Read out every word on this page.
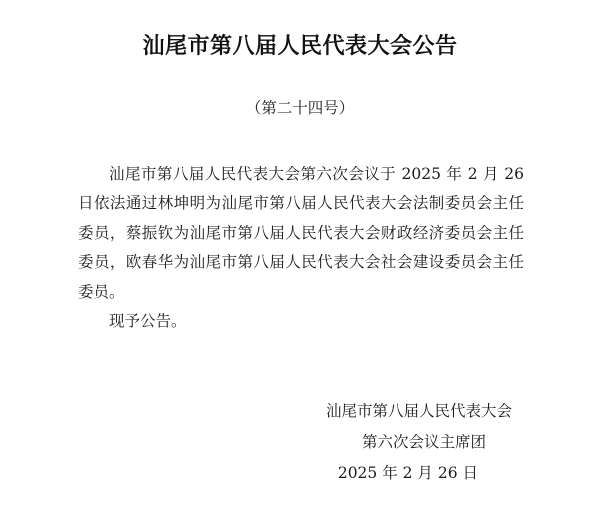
汕尾市第八届人民代表大会公告
（第二十四号）

汕尾市第八届人民代表大会第六次会议于 2025 年 2 月 26 日依法通过林坤明为汕尾市第八届人民代表大会法制委员会主任委员，蔡振钦为汕尾市第八届人民代表大会财政经济委员会主任委员，欧春华为汕尾市第八届人民代表大会社会建设委员会主任委员。

现予公告。
汕尾市第八届人民代表大会
第六次会议主席团
2025 年 2 月 26 日
